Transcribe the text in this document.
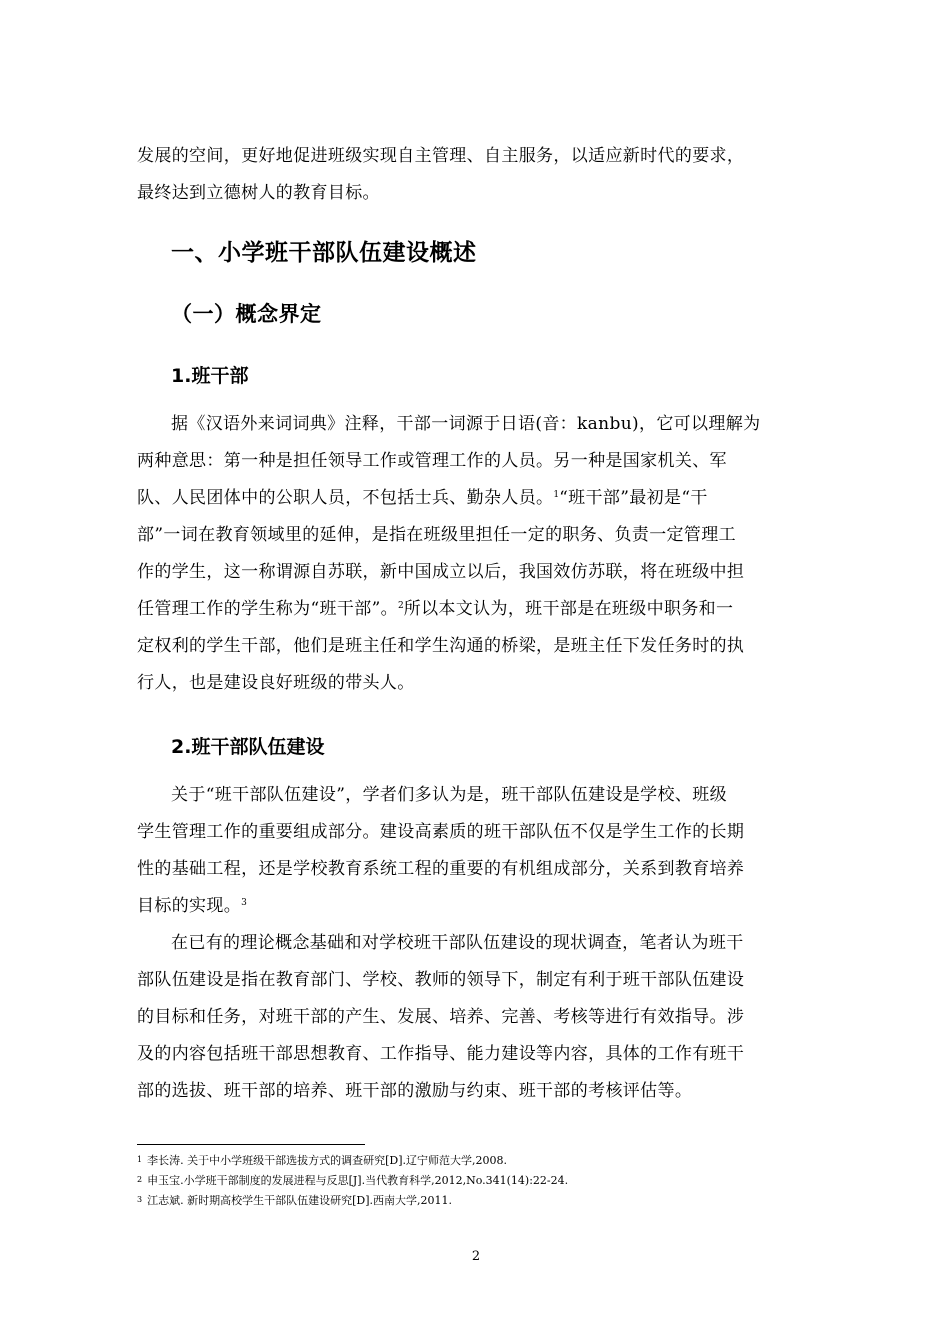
发展的空间，更好地促进班级实现自主管理、自主服务，以适应新时代的要求，
最终达到立德树人的教育目标。
一、小学班干部队伍建设概述
（一）概念界定
1.班干部
据《汉语外来词词典》注释，干部一词源于日语(音：kanbu)，它可以理解为
两种意思：第一种是担任领导工作或管理工作的人员。另一种是国家机关、军
队、人民团体中的公职人员，不包括士兵、勤杂人员。$^1$“班干部”最初是“干
部”一词在教育领域里的延伸，是指在班级里担任一定的职务、负责一定管理工
作的学生，这一称谓源自苏联，新中国成立以后，我国效仿苏联，将在班级中担
任管理工作的学生称为“班干部”。$^2$所以本文认为，班干部是在班级中职务和一
定权利的学生干部，他们是班主任和学生沟通的桥梁，是班主任下发任务时的执
行人，也是建设良好班级的带头人。
2.班干部队伍建设
关于“班干部队伍建设”，学者们多认为是，班干部队伍建设是学校、班级
学生管理工作的重要组成部分。建设高素质的班干部队伍不仅是学生工作的长期
性的基础工程，还是学校教育系统工程的重要的有机组成部分，关系到教育培养
目标的实现。$^3$
在已有的理论概念基础和对学校班干部队伍建设的现状调查，笔者认为班干
部队伍建设是指在教育部门、学校、教师的领导下，制定有利于班干部队伍建设
的目标和任务，对班干部的产生、发展、培养、完善、考核等进行有效指导。涉
及的内容包括班干部思想教育、工作指导、能力建设等内容，具体的工作有班干
部的选拔、班干部的培养、班干部的激励与约束、班干部的考核评估等。
$^1$ 李长涛. 关于中小学班级干部选拔方式的调查研究[D].辽宁师范大学,2008.
$^2$ 申玉宝.小学班干部制度的发展进程与反思[J].当代教育科学,2012,No.341(14):22-24.
$^3$ 江志斌. 新时期高校学生干部队伍建设研究[D].西南大学,2011.
2
